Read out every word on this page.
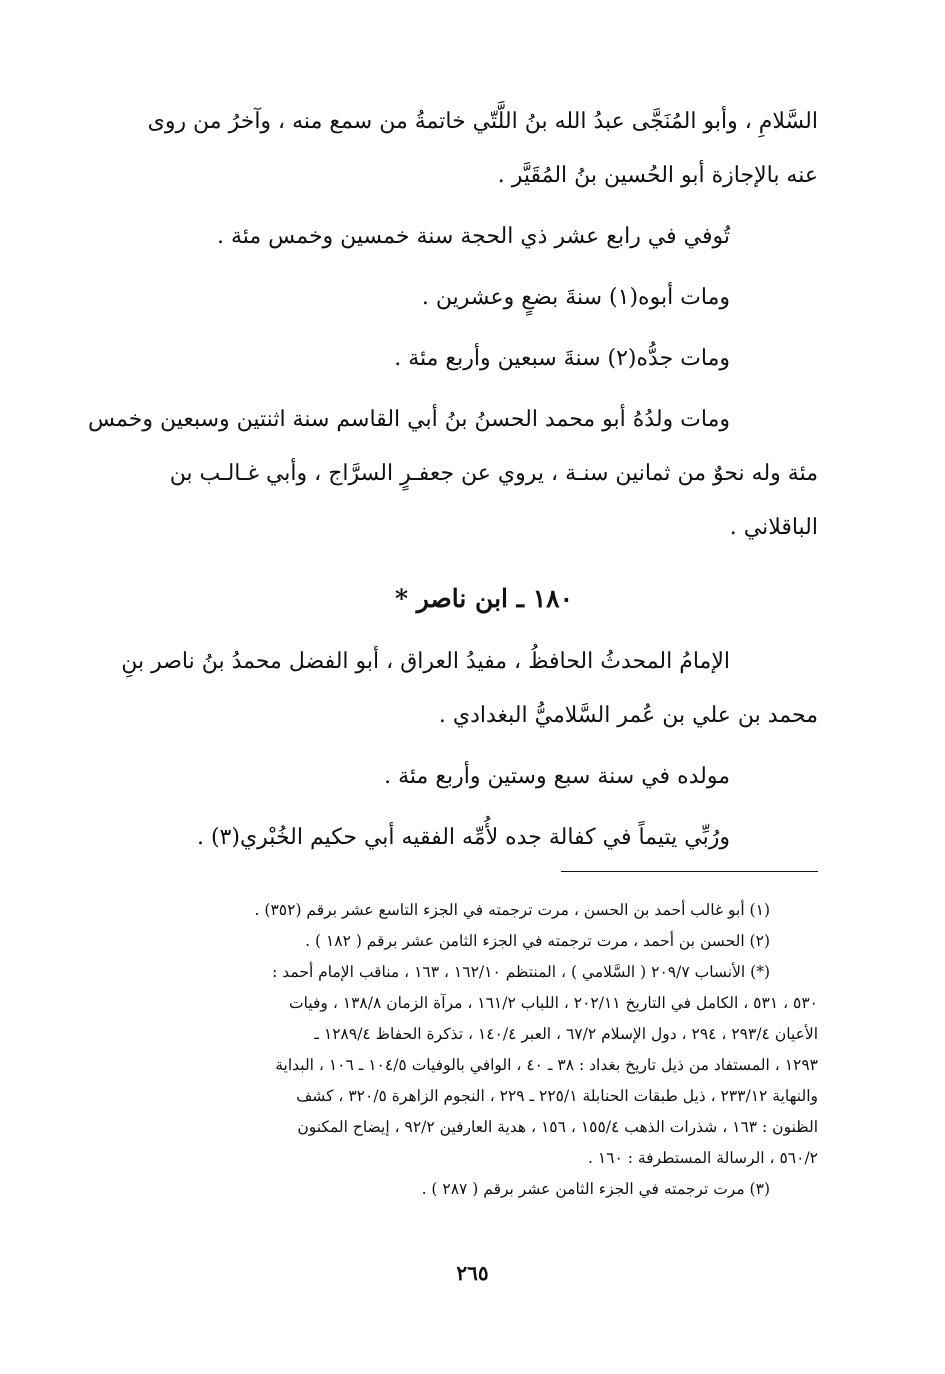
السَّلامِ ، وأبو المُنَجَّى عبدُ الله بنُ اللَّتّي خاتمةُ من سمع منه ، وآخرُ من روى
عنه بالإجازة أبو الحُسين بنُ المُقَيَّر .
تُوفي في رابع عشر ذي الحجة سنة خمسين وخمس مئة .
ومات أبوه(١) سنةَ بضعٍ وعشرين .
ومات جدُّه(٢) سنةَ سبعين وأربع مئة .
ومات ولدُهُ أبو محمد الحسنُ بنُ أبي القاسم سنة اثنتين وسبعين وخمس
مئة وله نحوٌ من ثمانين سنـة ، يروي عن جعفـرٍ السرَّاج ، وأبي غـالـب بن
الباقلاني .
١٨٠ ـ ابن ناصر *
الإمامُ المحدثُ الحافظُ ، مفيدُ العراق ، أبو الفضل محمدُ بنُ ناصر بنِ
محمد بن علي بن عُمر السَّلاميُّ البغدادي .
مولده في سنة سبع وستين وأربع مئة .
ورُبِّي يتيماً في كفالة جده لأُمِّه الفقيه أبي حكيم الخُبْري(٣) .
(١) أبو غالب أحمد بن الحسن ، مرت ترجمته في الجزء التاسع عشر برقم (٣٥٢) .
(٢) الحسن بن أحمد ، مرت ترجمته في الجزء الثامن عشر برقم ( ١٨٢ ) .
(*) الأنساب ٢٠٩/٧ ( السَّلامي ) ، المنتظم ١٦٢/١٠ ، ١٦٣ ، مناقب الإمام أحمد :
٥٣٠ ، ٥٣١ ، الكامل في التاريخ ٢٠٢/١١ ، اللباب ١٦١/٢ ، مرآة الزمان ١٣٨/٨ ، وفيات
الأعيان ٢٩٣/٤ ، ٢٩٤ ، دول الإسلام ٦٧/٢ ، العبر ١٤٠/٤ ، تذكرة الحفاظ ١٢٨٩/٤ ـ
١٢٩٣ ، المستفاد من ذيل تاريخ بغداد : ٣٨ ـ ٤٠ ، الوافي بالوفيات ١٠٤/٥ ـ ١٠٦ ، البداية
والنهاية ٢٣٣/١٢ ، ذيل طبقات الحنابلة ٢٢٥/١ ـ ٢٢٩ ، النجوم الزاهرة ٣٢٠/٥ ، كشف
الظنون : ١٦٣ ، شذرات الذهب ١٥٥/٤ ، ١٥٦ ، هدية العارفين ٩٢/٢ ، إيضاح المكنون
٥٦٠/٢ ، الرسالة المستطرفة : ١٦٠ .
(٣) مرت ترجمته في الجزء الثامن عشر برقم ( ٢٨٧ ) .
٢٦٥
